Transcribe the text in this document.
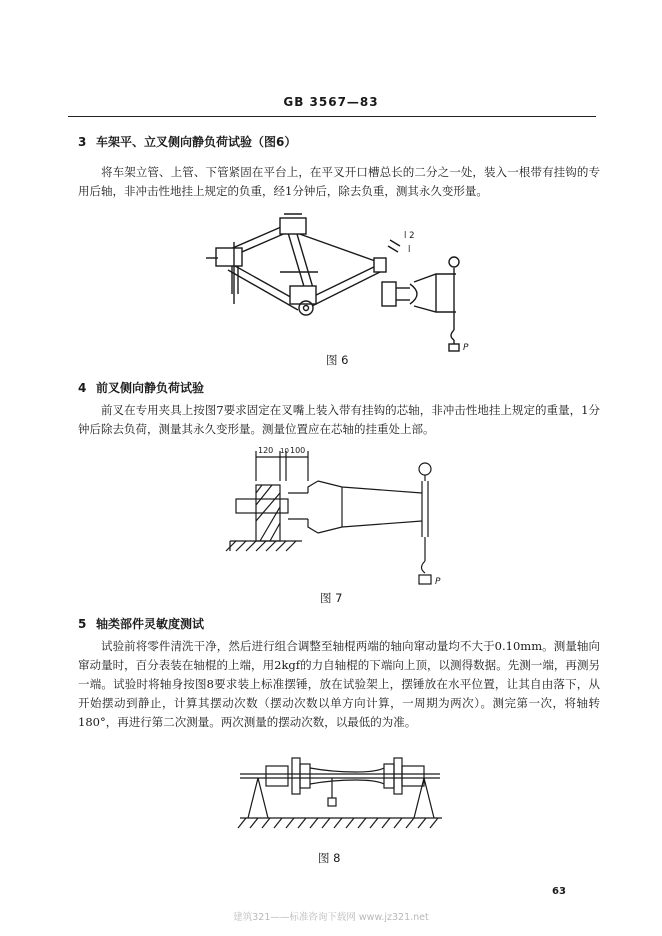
GB 3567—83
3 车架平、立叉侧向静负荷试验（图6）

将车架立管、上管、下管紧固在平台上，在平叉开口槽总长的二分之一处，装入一根带有挂钩的专用后轴，非冲击性地挂上规定的负重，经1分钟后，除去负重，测其永久变形量。

l 2
l
P
图 6
4 前叉侧向静负荷试验

前叉在专用夹具上按图7要求固定在叉嘴上装入带有挂钩的芯轴，非冲击性地挂上规定的重量，1分钟后除去负荷，测量其永久变形量。测量位置应在芯轴的挂重处上部。

120 10 100
P
图 7
5 轴类部件灵敏度测试

试验前将零件清洗干净，然后进行组合调整至轴棍两端的轴向窜动量均不大于0.10mm。测量轴向窜动量时，百分表装在轴棍的上端，用2kgf的力自轴棍的下端向上顶，以测得数据。先测一端，再测另一端。试验时将轴身按图8要求装上标准摆锤，放在试验架上，摆锤放在水平位置，让其自由落下，从开始摆动到静止，计算其摆动次数（摆动次数以单方向计算，一周期为两次）。测完第一次，将轴转180°，再进行第二次测量。两次测量的摆动次数，以最低的为准。

图 8
63
建筑321——标准咨询下载网 www.jz321.net
